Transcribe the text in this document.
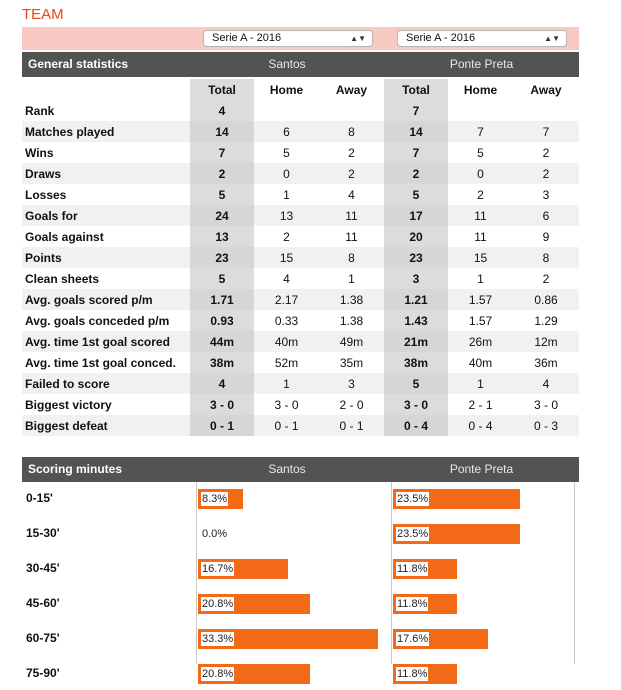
TEAM
Serie A - 2016	▲▼	Serie A - 2016	▲▼
General statistics	Santos	Ponte Preta
	Total	Home	Away	Total	Home	Away
Rank	4			7		
Matches played	14	6	8	14	7	7
Wins	7	5	2	7	5	2
Draws	2	0	2	2	0	2
Losses	5	1	4	5	2	3
Goals for	24	13	11	17	11	6
Goals against	13	2	11	20	11	9
Points	23	15	8	23	15	8
Clean sheets	5	4	1	3	1	2
Avg. goals scored p/m	1.71	2.17	1.38	1.21	1.57	0.86
Avg. goals conceded p/m	0.93	0.33	1.38	1.43	1.57	1.29
Avg. time 1st goal scored	44m	40m	49m	21m	26m	12m
Avg. time 1st goal conced.	38m	52m	35m	38m	40m	36m
Failed to score	4	1	3	5	1	4
Biggest victory	3 - 0	3 - 0	2 - 0	3 - 0	2 - 1	3 - 0
Biggest defeat	0 - 1	0 - 1	0 - 1	0 - 4	0 - 4	0 - 3
Scoring minutes	Santos	Ponte Preta
0-15'	8.3%	23.5%
15-30'	0.0%	23.5%
30-45'	16.7%	11.8%
45-60'	20.8%	11.8%
60-75'	33.3%	17.6%
75-90'	20.8%	11.8%
